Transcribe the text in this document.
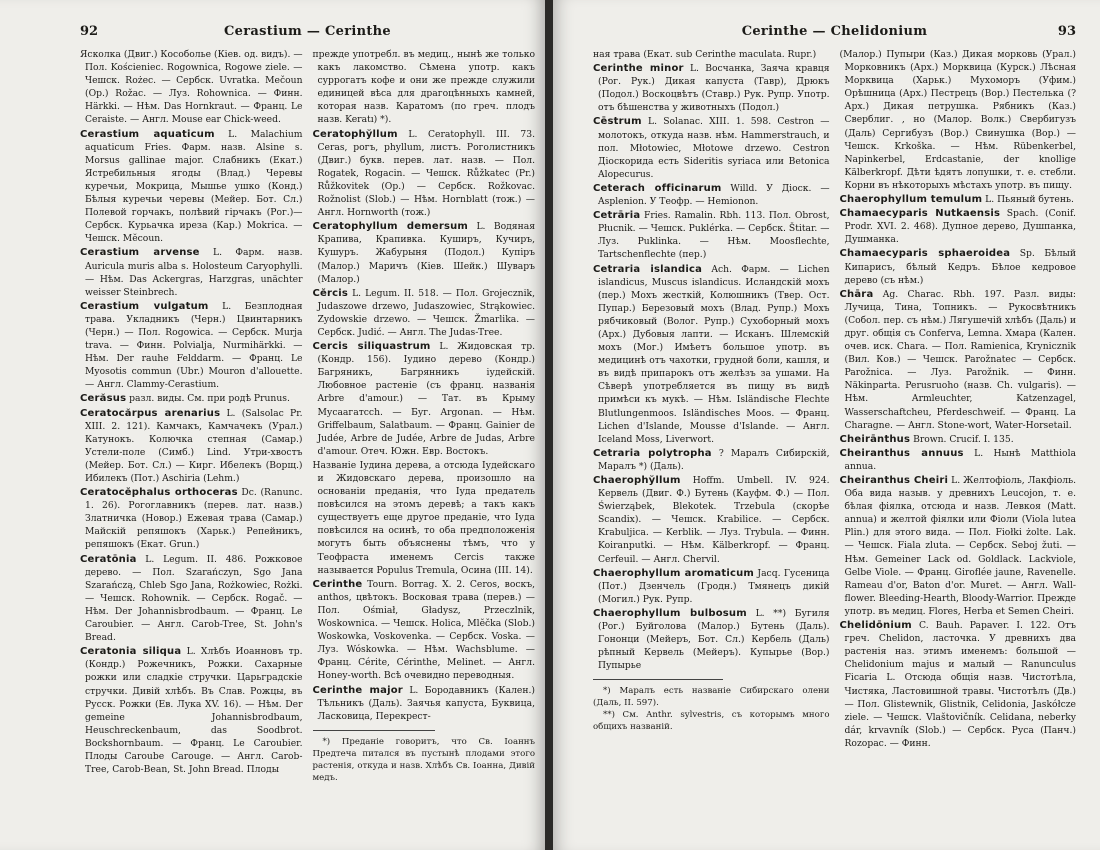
92	Cerastium — Cerinthe

Ясколка (Двиг.) Кособолье (Кiев. од. видъ). — Пол. Kościeniec. Rogownica, Rogowe ziele. — Чешск. Rożec. — Сербск. Uvratka. Mečoun (Op.) Rožac. — Луз. Rohownica. — Финн. Härkki. — Нѣм. Das Hornkraut. — Франц. Le Ceraiste. — Англ. Mouse ear Chick-weed.

Cerastium aquaticum L. Malachium aquaticum Fries. Фарм. назв. Alsine s. Morsus gallinae major. Слабникъ (Екат.) Ястребильныя ягоды (Влад.) Черевы куречьи, Мокрица, Мышье ушко (Конд.) Бѣлыя куречьи черевы (Мейер. Бот. Сл.) Полевой горчакъ, полѣвий гірчакъ (Рог.)—Сербск. Курьачка иреза (Кар.) Mokrica. — Чешск. Mĕcoun.

Cerastium arvense L. Фарм. назв. Auricula muris alba s. Holosteum Caryophylli. — Нѣм. Das Ackergras, Harzgras, unächter weisser Steinbrech.

Cerastium vulgatum L. Безплодная трава. Укладникъ (Черн.) Цвинтарникъ (Черн.) — Пол. Rogowica. — Сербск. Murja trava. — Финн. Polvialja, Nurmihärkki. — Нѣм. Der rauhe Felddarm. — Франц. Le Myosotis commun (Ubr.) Mouron d'allouette. — Англ. Clammy-Cerastium.

Cerăsus разл. виды. См. при родѣ Prunus.

Ceratocărpus arenarius L. (Salsolac Pr. XIII. 2. 121). Камчакъ, Камчачекъ (Урал.) Катунокъ. Колючка степная (Самар.) Устели-поле (Симб.) Lind. Утри-хвостъ (Мейер. Бот. Сл.) — Кирг. Ибелекъ (Ворщ.) Ибилекъ (Пот.) Aschiria (Lehm.)

Ceratocĕphalus orthoceras Dc. (Ranunc. 1. 26). Рогоглавникъ (перев. лат. назв.) Златничка (Новор.) Ежевая трава (Самар.) Майскій репяшокъ (Харьк.) Репейникъ, репяшокъ (Екат. Grun.)

Ceratōnia L. Legum. II. 486. Рожковое дерево. — Пол. Szarańczyn, Sgo Jana Szarańczą, Chleb Sgo Jana, Rożkowiec, Rożki. — Чешск. Rohownik. — Сербск. Rogač. — Нѣм. Der Johannisbrodbaum. — Франц. Le Caroubier. — Англ. Carob-Tree, St. John's Bread.

Ceratonia siliqua L. Хлѣбъ Иоанновъ тр. (Кондр.) Рожечникъ, Рожки. Сахарные рожки или сладкіе стручки. Царьградскіе стручки. Дивій хлѣбъ. Въ Слав. Рожцы, въ Русск. Рожки (Ев. Лука XV. 16). — Нѣм. Der gemeine Johannisbrodbaum, Heuschreckenbaum, das Soodbrot. Bockshornbaum. — Франц. Le Caroubier. Плоды Caroube Carouge. — Англ. Carob-Tree, Carob-Bean, St. John Bread. Плоды

прежде употребл. въ медиц., нынѣ же только какъ лакомство. Сѣмена употр. какъ суррогатъ кофе и они же прежде служили единицей вѣса для драгоцѣнныхъ камней, которая назв. Каратомъ (по греч. плодъ назв. Keratı) *).

Ceratophўllum L. Ceratophyll. III. 73. Ceras, рогъ, phyllum, листъ. Роголистникъ (Двиг.) букв. перев. лат. назв. — Пол. Rogatek, Rogacin. — Чешск. Růžkatec (Pr.) Růžkovitek (Op.) — Сербск. Rožkovac. Rožnolist (Slob.) — Нѣм. Hornblatt (тож.) — Англ. Hornworth (тож.)

Ceratophyllum demersum L. Водяная Крапива, Крапивка. Куширъ, Кучиръ, Кушуръ. Жабурыня (Подол.) Купіръ (Малор.) Маричъ (Кiев. Шейк.) Шуваръ (Малор.)

Cĕrcis L. Legum. II. 518. — Пол. Grojecznik, Judaszowe drzewo, Judaszowiec, Strąkowiec. Zydowskie drzewo. — Чешск. Žmarlika. — Сербск. Judić. — Англ. The Judas-Tree.

Cercis siliquastrum L. Жидовская тр. (Кондр. 156). Іудино дерево (Кондр.) Багряникъ, Багрянникъ іудейскій. Любовное растеніе (съ франц. названія Arbre d'amour.) — Тат. въ Крыму Мусаагатсch. — Буг. Argonan. — Нѣм. Griffelbaum, Salatbaum. — Франц. Gainier de Judée, Arbre de Judée, Arbre de Judas, Arbre d'amour. Отеч. Южн. Евр. Востокъ.

Названіе Іудина дерева, а отсюда Іудейскаго и Жидовскаго дерева, произошло на основаніи преданія, что Іуда предатель повѣсился на этомъ деревѣ; а такъ какъ существуетъ еще другое преданіе, что Іуда повѣсился на осинѣ, то оба предположенія могутъ быть объяснены тѣмъ, что у Теофраста именемъ Cercis также называется Populus Tremula, Осина (III. 14).

Cerinthe Tourn. Borrag. X. 2. Ceros, воскъ, anthos, цвѣтокъ. Восковая трава (перев.) — Пол. Ośmiał, Gładysz, Przeczlnik, Woskownica. — Чешск. Holica, Mlĕčka (Slob.) Woskowka, Voskovenka. — Сербск. Voska. — Луз. Wóskowka. — Нѣм. Wachsblume. — Франц. Cérite, Cérinthe, Melinet. — Англ. Honey-worth. Всѣ очевидно переводныя.

Cerinthe major L. Бородавникъ (Кален.) Тѣльникъ (Даль). Заячья капуста, Буквица, Ласковица, Перекрест-

*) Преданіе говоритъ, что Св. Іоаннъ Предтеча питался въ пустынѣ плодами этого растенія, откуда и назв. Хлѣбъ Св. Іоанна, Дивій медъ.

Cerinthe — Chelidonium	93

ная трава (Екат. sub Cerinthe maculata. Rupr.)

Cerinthe minor L. Восчанка, Заяча кравця (Рог. Рук.) Дикая капуста (Тавр), Дрюкъ (Подол.) Воскоцвѣтъ (Ставр.) Рук. Рупр. Употр. отъ бѣшенства у животныхъ (Подол.)

Cēstrum L. Solanac. XIII. 1. 598. Cestron — молотокъ, откуда назв. нѣм. Hammerstrauch, и пол. Młotowiec, Młotowe drzewo. Cestron Діоскорида есть Sideritis syriaca или Betonica Alopecurus.

Ceterach officinarum Willd. У Діоск. — Asplenion. У Теофр. — Hemionon.

Cetrāria Fries. Ramalin. Rbh. 113. Пол. Obrost, Płucnik. — Чешск. Puklérka. — Сербск. Štitar. — Луз. Puklinka. — Нѣм. Moosflechte, Tartschenflechte (пер.)

Cetraria islandica Ach. Фарм. — Lichen islandicus, Muscus islandicus. Исландскій мохъ (пер.) Мохъ жесткій, Колюшникъ (Твер. Ост. Пупар.) Березовый мохъ (Влад. Рупр.) Мохъ рябчиковый (Волог. Рупр.) Сухоборный мохъ (Арх.) Дубовыя лапти. — Исканъ. Шлемскій мохъ (Мог.) Имѣетъ большое употр. въ медицинѣ отъ чахотки, грудной боли, кашля, и въ видѣ припарокъ отъ желѣзъ за ушами. На Сѣверѣ употребляется въ пищу въ видѣ примѣси къ мукѣ. — Нѣм. Isländische Flechte Blutlungenmoos. Isländisches Moos. — Франц. Lichen d'Islande, Mousse d'Islande. — Англ. Iceland Moss, Liverwort.

Cetraria polytropha ? Маралъ Сибирскій, Маралъ *) (Даль).

Chaerophўllum Hoffm. Umbell. IV. 924. Кервель (Двиг. Ф.) Бутень (Кауфм. Ф.) — Пол. Świerząbek, Blekotek. Trzebula (скорѣе Scandix). — Чешск. Krabilice. — Сербск. Krabuljica. — Kerblik. — Луз. Trybula. — Финн. Koiranputki. — Нѣм. Kälberkropf. — Франц. Cerfeuil. — Англ. Chervil.

Chaerophyllum aromaticum Jacq. Гусеница (Пот.) Дзенчель (Гродн.) Тмянецъ дикій (Могил.) Рук. Рупр.

Chaerophyllum bulbosum L. **) Бугиля (Рог.) Буйголова (Малор.) Бутень (Даль). Гононци (Мейеръ, Бот. Сл.) Кербель (Даль) рѣпный Кервель (Мейеръ). Купырье (Вор.) Пупырье

*) Маралъ есть названіе Сибирскаго олени (Даль, II. 597).

**) См. Anthr. sylvestris, съ которымъ много общихъ названій.

(Малор.) Пупыри (Каз.) Дикая морковь (Урал.) Морковникъ (Арх.) Морквица (Курск.) Лѣсная Морквица (Харьк.) Мухоморъ (Уфим.) Орѣшница (Арх.) Пестрецъ (Вор.) Пестелька (? Арх.) Дикая петрушка. Рябникъ (Каз.) Сверблиг. , но (Малор. Волк.) Свербигузъ (Даль) Сергибузъ (Вор.) Свинушка (Вор.) — Чешск. Krkoška. — Нѣм. Rübenkerbel, Napinkerbel, Erdcastanie, der knollige Kälberkropf. Дѣти ѣдятъ лопушки, т. е. стебли. Корни въ нѣкоторыхъ мѣстахъ употр. въ пищу.

Chaerophyllum temulum L. Пьяный бутень.

Chamaecyparis Nutkaensis Spach. (Conif. Prodr. XVI. 2. 468). Дупное дерево, Душпанка, Душманка.

Chamaecyparis sphaeroidea Sp. Бѣлый Кипарисъ, бѣлый Кедръ. Бѣлое кедровое дерево (съ нѣм.)

Chāra Ag. Charac. Rbh. 197. Разл. виды: Лучица, Тина, Топникъ. — Рукосвѣтникъ (Собол. пер. съ нѣм.) Лягушечій хлѣбъ (Даль) и друг. общія съ Conferva, Lemna. Хмара (Кален. очев. иск. Chara. — Пол. Ramienica, Krynicznik (Вил. Ков.) — Чешск. Parožnatec — Сербск. Parožnica. — Луз. Parožnik. — Финн. Näkinparta. Perusruoho (назв. Ch. vulgaris). — Нѣм. Armleuchter, Katzenzagel, Wasserschaftcheu, Pferdeschweif. — Франц. La Charagne. — Англ. Stone-wort, Water-Horsetail.

Cheirānthus Brown. Crucif. I. 135.

Cheiranthus annuus L. Нынѣ Matthiola annua.

Cheiranthus Cheiri L. Желтофіоль, Лакфіоль. Оба вида назыв. у древнихъ Leucojon, т. е. бѣлая фіялка, отсюда и назв. Левкоя (Matt. annua) и желтой фіялки или Фіоли (Viola lutea Plin.) для этого вида. — Пол. Fiołki żolte. Lak. — Чешск. Fiala zluta. — Сербск. Seboj žuti. — Нѣм. Gemeiner Lack od. Goldlack. Lackviole, Gelbe Viole. — Франц. Giroflée jaune, Ravenelle. Rameau d'or, Baton d'or. Muret. — Англ. Wall-flower. Bleeding-Hearth, Bloody-Warrior. Прежде употр. въ медиц. Flores, Herba et Semen Cheiri.

Chelidōnium C. Bauh. Papaver. I. 122. Отъ греч. Chelidon, ласточка. У древнихъ два растенія наз. этимъ именемъ: большой — Chelidonium majus и малый — Ranunculus Ficaria L. Отсюда общія назв. Чистотѣла, Чистяка, Ластовишной травы. Чистотѣлъ (Дв.) — Пол. Glistewnik, Glistnik, Celidonia, Jaskółcze ziele. — Чешск. Vlaštovičník. Celidana, neberky dár, krvavník (Slob.) — Сербск. Руса (Панч.) Rozopac. — Финн.
